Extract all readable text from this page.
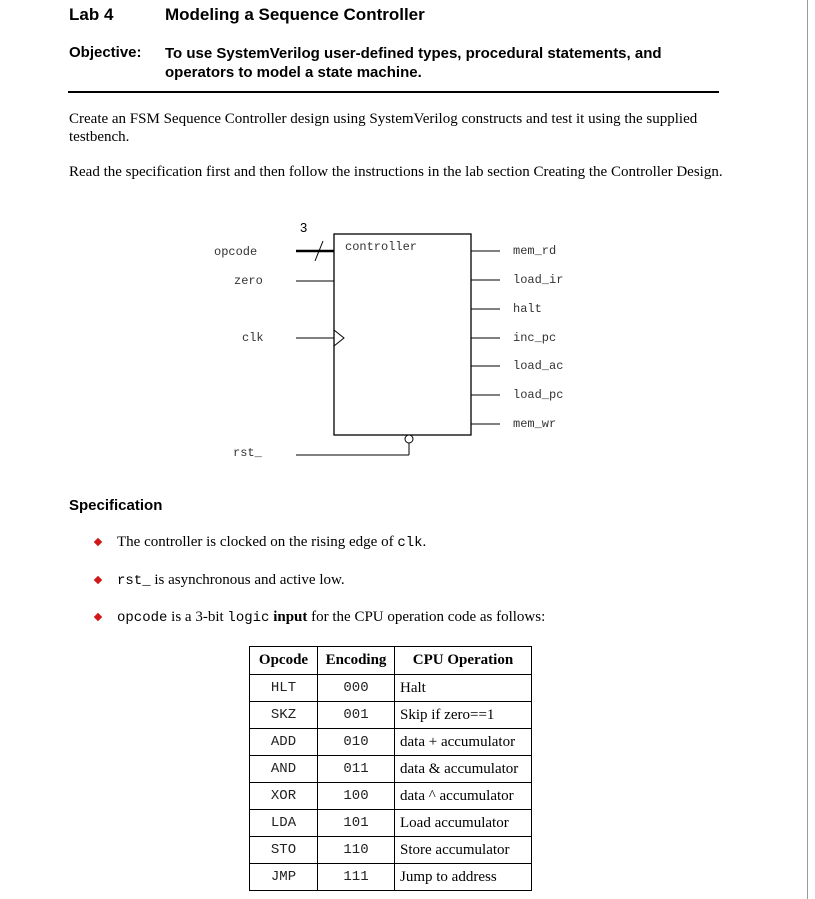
Lab 4	Modeling a Sequence Controller
Objective: To use SystemVerilog user-defined types, procedural statements, and operators to model a state machine.
Create an FSM Sequence Controller design using SystemVerilog constructs and test it using the supplied testbench.
Read the specification first and then follow the instructions in the lab section Creating the Controller Design.
controller
3
opcode
zero
clk
rst_
mem_rd
load_ir
halt
inc_pc
load_ac
load_pc
mem_wr
Specification
The controller is clocked on the rising edge of clk.
rst_ is asynchronous and active low.
opcode is a 3-bit logic input for the CPU operation code as follows:
Opcode	Encoding	CPU Operation
HLT	000	Halt
SKZ	001	Skip if zero==1
ADD	010	data + accumulator
AND	011	data & accumulator
XOR	100	data ^ accumulator
LDA	101	Load accumulator
STO	110	Store accumulator
JMP	111	Jump to address
